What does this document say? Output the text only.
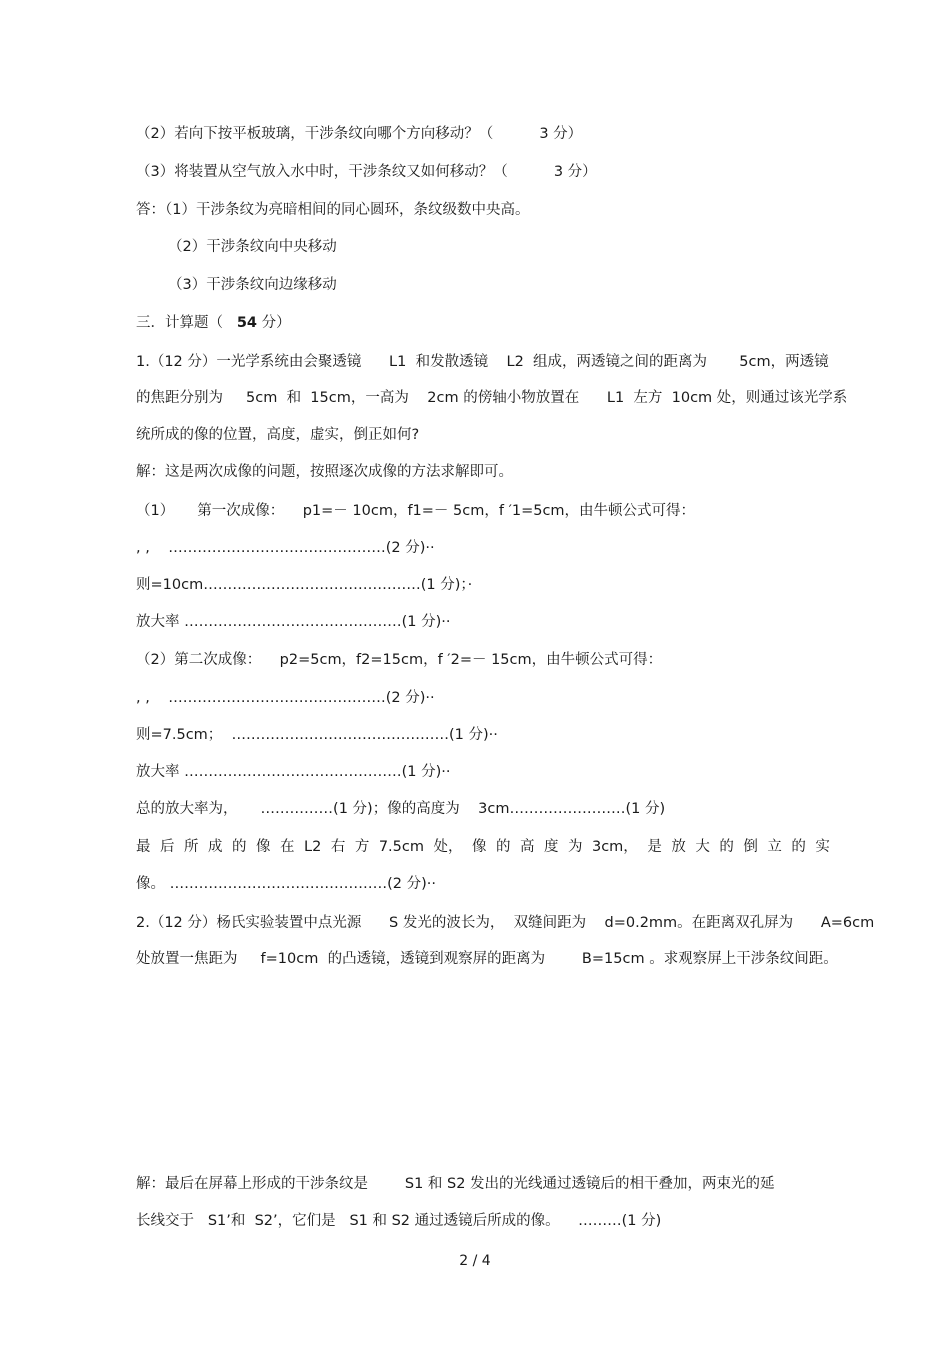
（2）若向下按平板玻璃，干涉条纹向哪个方向移动？（          3 分）
（3）将装置从空气放入水中时，干涉条纹又如何移动？（          3 分）
答：（1）干涉条纹为亮暗相间的同心圆环，条纹级数中央高。
（2）干涉条纹向中央移动
（3）干涉条纹向边缘移动
三．计算题（   54 分）
1.（12 分）一光学系统由会聚透镜      L1  和发散透镜    L2  组成，两透镜之间的距离为       5cm，两透镜
的焦距分别为     5cm  和  15cm，一高为    2cm 的傍轴小物放置在      L1  左方  10cm 处，则通过该光学系
统所成的像的位置，高度，虚实，倒正如何?
解：这是两次成像的问题，按照逐次成像的方法求解即可。
（1）     第一次成像：    p1=－ 10cm，f1=－ 5cm，f ′1=5cm，由牛顿公式可得：
, ,    ………………………………………(2 分)··
则=10cm………………………………………(1 分)；·
放大率 ………………………………………(1 分)··
（2）第二次成像：    p2=5cm，f2=15cm，f ′2=－ 15cm，由牛顿公式可得：
, ,    ………………………………………(2 分)··
则=7.5cm；  ………………………………………(1 分)··
放大率 ………………………………………(1 分)··
总的放大率为，     ……………(1 分)；像的高度为    3cm……………………(1 分)
最 后 所 成 的 像 在 L2 右 方 7.5cm 处， 像 的 高 度 为 3cm， 是 放 大 的 倒 立 的 实
像。 ………………………………………(2 分)··
2.（12 分）杨氏实验装置中点光源      S 发光的波长为，  双缝间距为    d=0.2mm。在距离双孔屏为      A=6cm
处放置一焦距为     f=10cm  的凸透镜，透镜到观察屏的距离为        B=15cm 。求观察屏上干涉条纹间距。
解：最后在屏幕上形成的干涉条纹是        S1 和 S2 发出的光线通过透镜后的相干叠加，两束光的延
长线交于   S1’和  S2’，它们是   S1 和 S2 通过透镜后所成的像。    ………(1 分)
2 / 4
